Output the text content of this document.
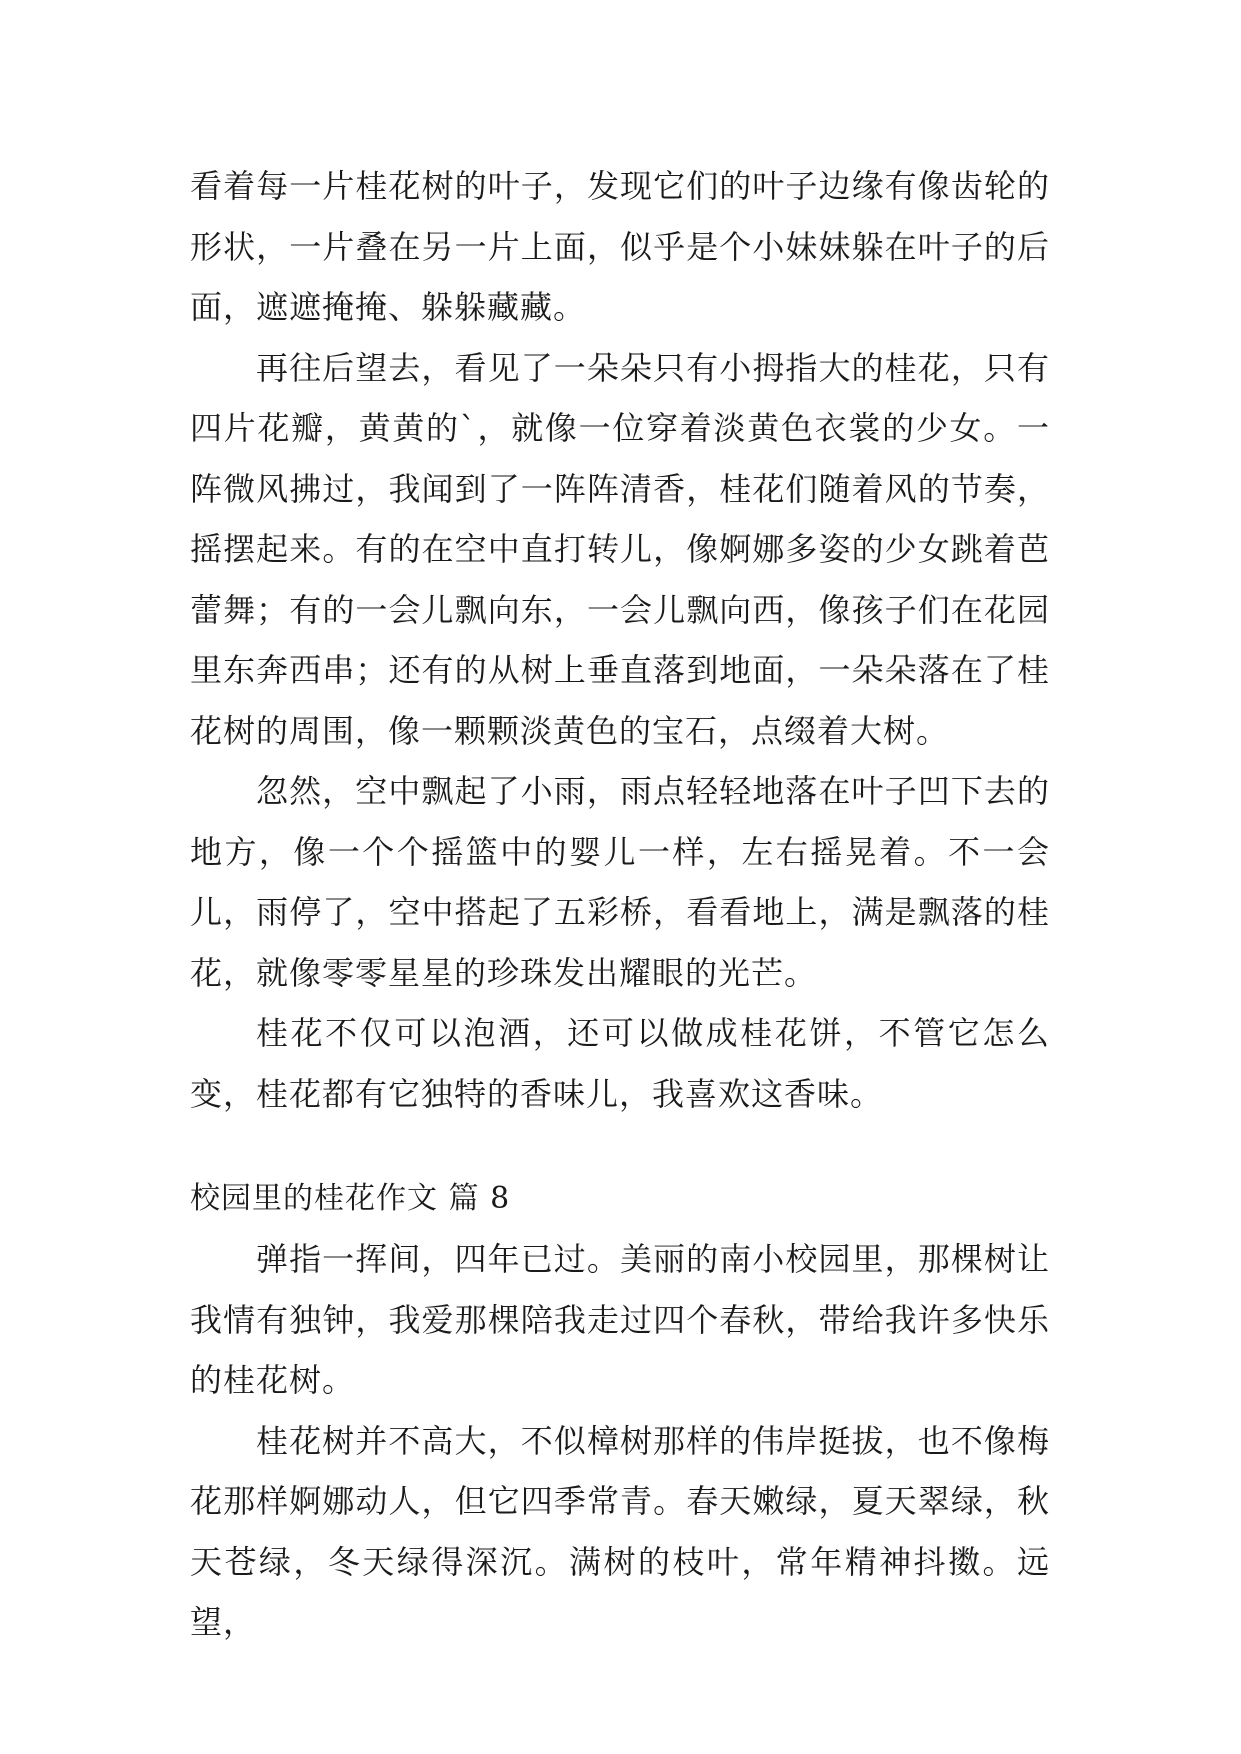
看着每一片桂花树的叶子，发现它们的叶子边缘有像齿轮的形状，一片叠在另一片上面，似乎是个小妹妹躲在叶子的后面，遮遮掩掩、躲躲藏藏。

再往后望去，看见了一朵朵只有小拇指大的桂花，只有四片花瓣，黄黄的`，就像一位穿着淡黄色衣裳的少女。一阵微风拂过，我闻到了一阵阵清香，桂花们随着风的节奏，摇摆起来。有的在空中直打转儿，像婀娜多姿的少女跳着芭蕾舞；有的一会儿飘向东，一会儿飘向西，像孩子们在花园里东奔西串；还有的从树上垂直落到地面，一朵朵落在了桂花树的周围，像一颗颗淡黄色的宝石，点缀着大树。

忽然，空中飘起了小雨，雨点轻轻地落在叶子凹下去的地方，像一个个摇篮中的婴儿一样，左右摇晃着。不一会儿，雨停了，空中搭起了五彩桥，看看地上，满是飘落的桂花，就像零零星星的珍珠发出耀眼的光芒。

桂花不仅可以泡酒，还可以做成桂花饼，不管它怎么变，桂花都有它独特的香味儿，我喜欢这香味。

校园里的桂花作文 篇 8

弹指一挥间，四年已过。美丽的南小校园里，那棵树让我情有独钟，我爱那棵陪我走过四个春秋，带给我许多快乐的桂花树。

桂花树并不高大，不似樟树那样的伟岸挺拔，也不像梅花那样婀娜动人，但它四季常青。春天嫩绿，夏天翠绿，秋天苍绿，冬天绿得深沉。满树的枝叶，常年精神抖擞。远望，
